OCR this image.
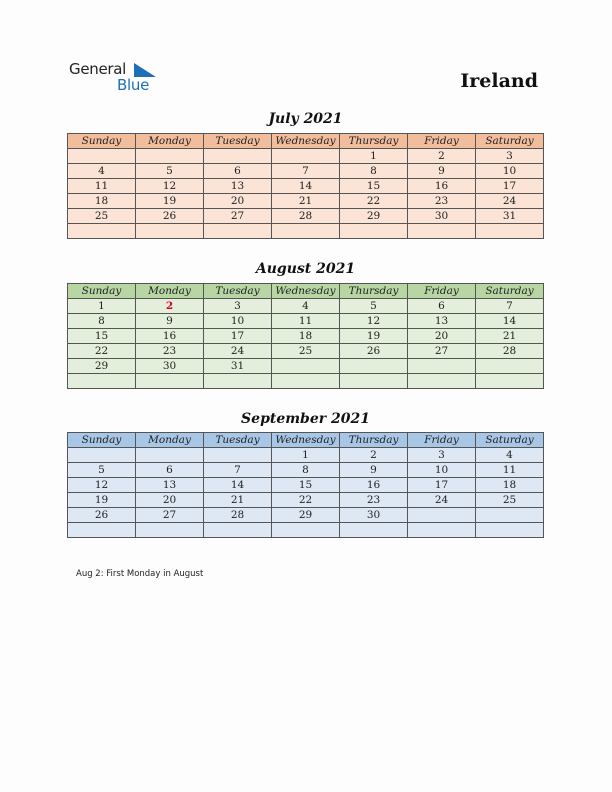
General
Blue	Ireland
July 2021
Sunday	Monday	Tuesday	Wednesday	Thursday	Friday	Saturday
				1	2	3
4	5	6	7	8	9	10
11	12	13	14	15	16	17
18	19	20	21	22	23	24
25	26	27	28	29	30	31

August 2021
Sunday	Monday	Tuesday	Wednesday	Thursday	Friday	Saturday
1	2	3	4	5	6	7
8	9	10	11	12	13	14
15	16	17	18	19	20	21
22	23	24	25	26	27	28
29	30	31				

September 2021
Sunday	Monday	Tuesday	Wednesday	Thursday	Friday	Saturday
			1	2	3	4
5	6	7	8	9	10	11
12	13	14	15	16	17	18
19	20	21	22	23	24	25
26	27	28	29	30		

Aug 2: First Monday in August
